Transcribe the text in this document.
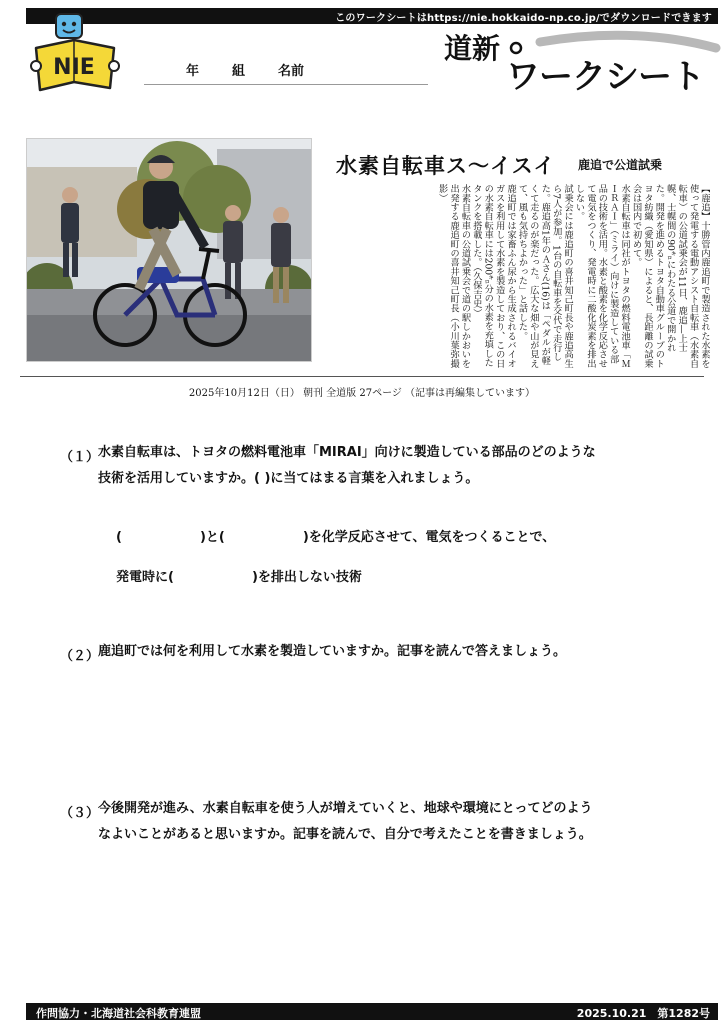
このワークシートはhttps://nie.hokkaido-np.co.jp/でダウンロードできます
NIE	年	組	名前
道新
ワークシート
水素自転車ス〜イスイ 鹿追で公道試乗

【鹿追】十勝管内鹿追町で製造された水素を使って発電する電動アシスト自転車（水素自転車）の公道試乗会が11日、鹿追—上士幌、士幌間の90㌔にわたる公道で開かれた。開発を進めるトヨタ自動車グループのトヨタ紡織（愛知県）によると、長距離の試乗会は国内で初めて。

水素自転車は同社がトヨタの燃料電池車「ＭＩＲＡＩ」（ミライ）向けに製造している部品の技術を活用。水素と酸素を化学反応させて電気をつくり、発電時に二酸化炭素を排出しない。

試乗会には鹿追町の喜井知己町長や鹿追高生ら7人が参加。1台の自転車を交代で走行した。鹿追高1年のＡさん(16)は「ペダルが軽くて走るのが楽だった。広大な畑や山が見えて、風も気持ちよかった」と話した。

鹿追町では家畜ふん尿から生成されるバイオガスを利用して水素を製造しており、この日の水素自転車には200㌔分の水素を充填したタンクを搭載した。（久保吉史）

水素自転車の公道試乗会で道の駅しかおいを出発する鹿追町の喜井知己町長（小川葉弥撮影）

2025年10月12日（日） 朝刊 全道版 27ページ （記事は再編集しています）
（１）
水素自転車は、トヨタの燃料電池車「MIRAI」向けに製造している部品のどのような
技術を活用していますか。( )に当てはまる言葉を入れましょう。
(　　　　　　)と(　　　　　　)を化学反応させて、電気をつくることで、
発電時に(　　　　　　)を排出しない技術
（２）
鹿追町では何を利用して水素を製造していますか。記事を読んで答えましょう。
（３）
今後開発が進み、水素自転車を使う人が増えていくと、地球や環境にとってどのよう
なよいことがあると思いますか。記事を読んで、自分で考えたことを書きましょう。
作問協力・北海道社会科教育連盟	2025.10.21　第1282号
